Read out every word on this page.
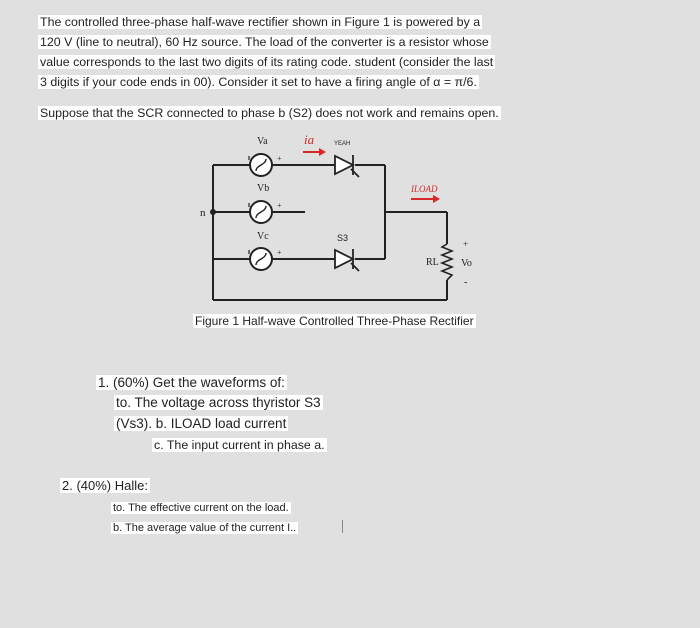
The controlled three-phase half-wave rectifier shown in Figure 1 is powered by a
120 V (line to neutral), 60 Hz source. The load of the converter is a resistor whose
value corresponds to the last two digits of its rating code. student (consider the last
3 digits if your code ends in 00). Consider it set to have a firing angle of α = π/6.
Suppose that the SCR connected to phase b (S2) does not work and remains open.
Va
Vb
Vc
ia
n
YEAH
S3
ILOAD
RL Vo
+
-
+
+
+
Figure 1 Half-wave Controlled Three-Phase Rectifier
1. (60%) Get the waveforms of:
to. The voltage across thyristor S3
(Vs3). b. ILOAD load current
c. The input current in phase a.
2. (40%) Halle:
to. The effective current on the load.
b. The average value of the current I..
